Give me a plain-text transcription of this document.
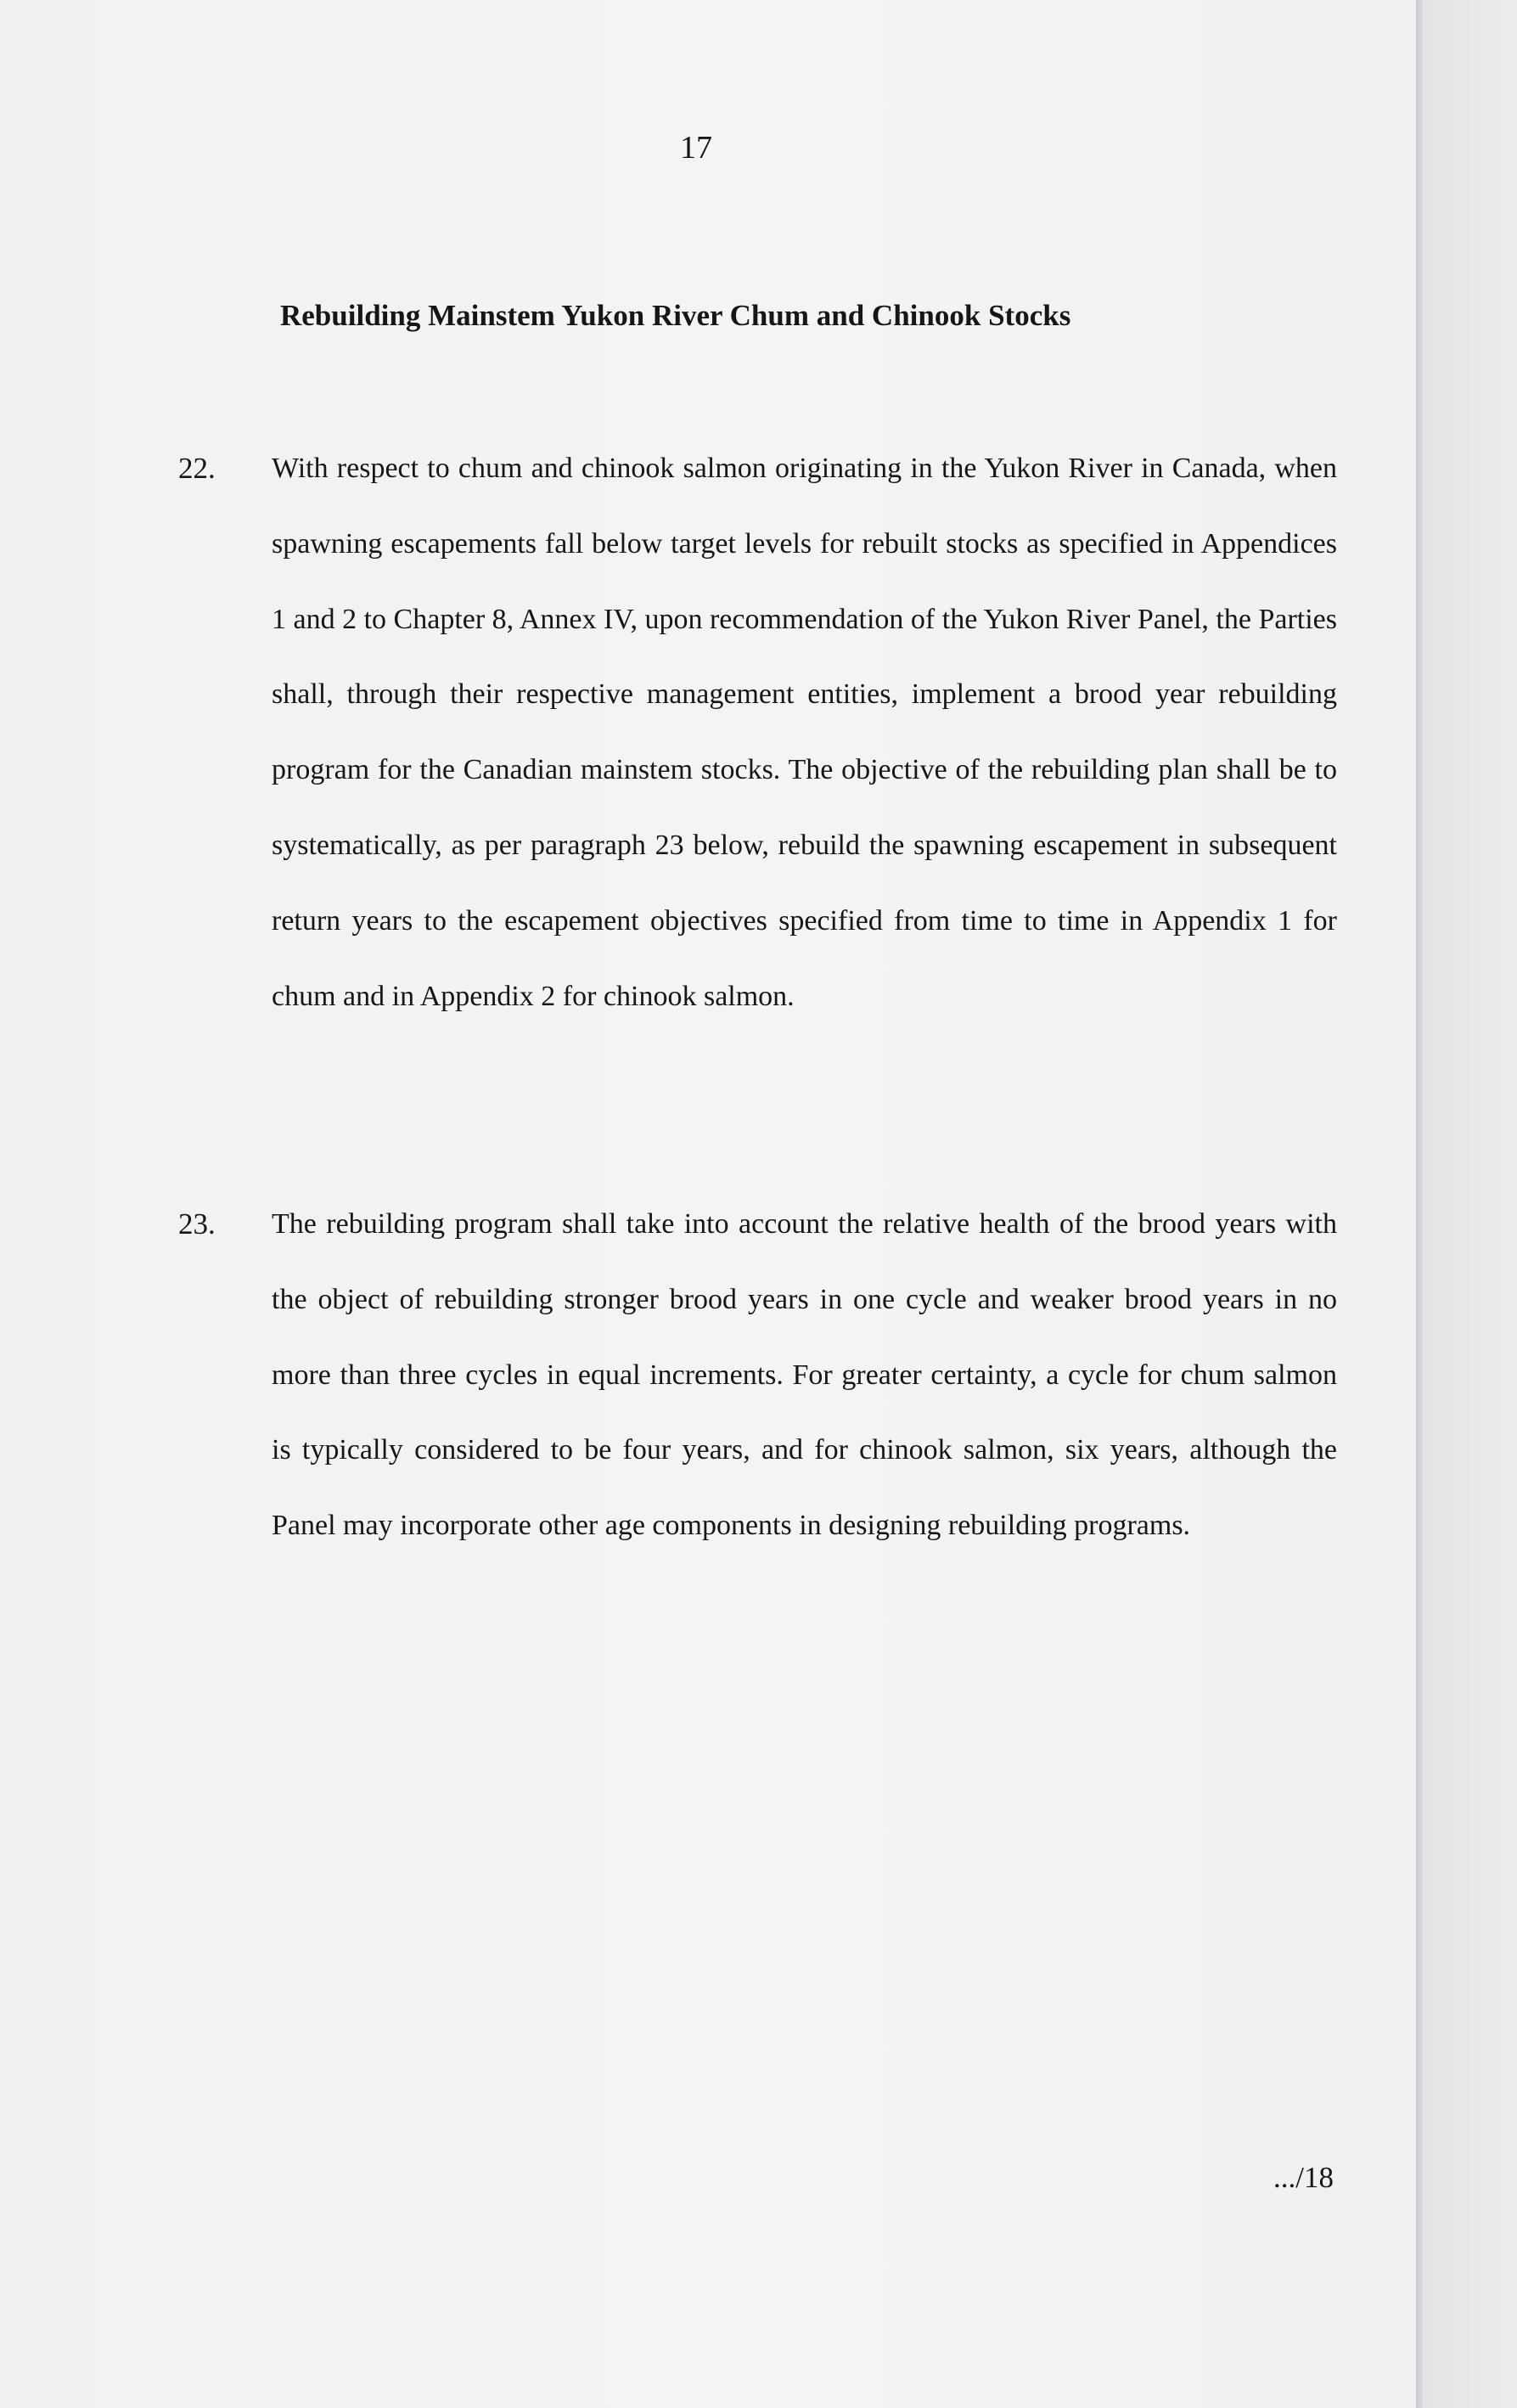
17
Rebuilding Mainstem Yukon River Chum and Chinook Stocks
22. With respect to chum and chinook salmon originating in the Yukon River in Canada, when spawning escapements fall below target levels for rebuilt stocks as specified in Appendices 1 and 2 to Chapter 8, Annex IV, upon recommendation of the Yukon River Panel, the Parties shall, through their respective management entities, implement a brood year rebuilding program for the Canadian mainstem stocks. The objective of the rebuilding plan shall be to systematically, as per paragraph 23 below, rebuild the spawning escapement in subsequent return years to the escapement objectives specified from time to time in Appendix 1 for chum and in Appendix 2 for chinook salmon.

23. The rebuilding program shall take into account the relative health of the brood years with the object of rebuilding stronger brood years in one cycle and weaker brood years in no more than three cycles in equal increments. For greater certainty, a cycle for chum salmon is typically considered to be four years, and for chinook salmon, six years, although the Panel may incorporate other age components in designing rebuilding programs.

.../18
